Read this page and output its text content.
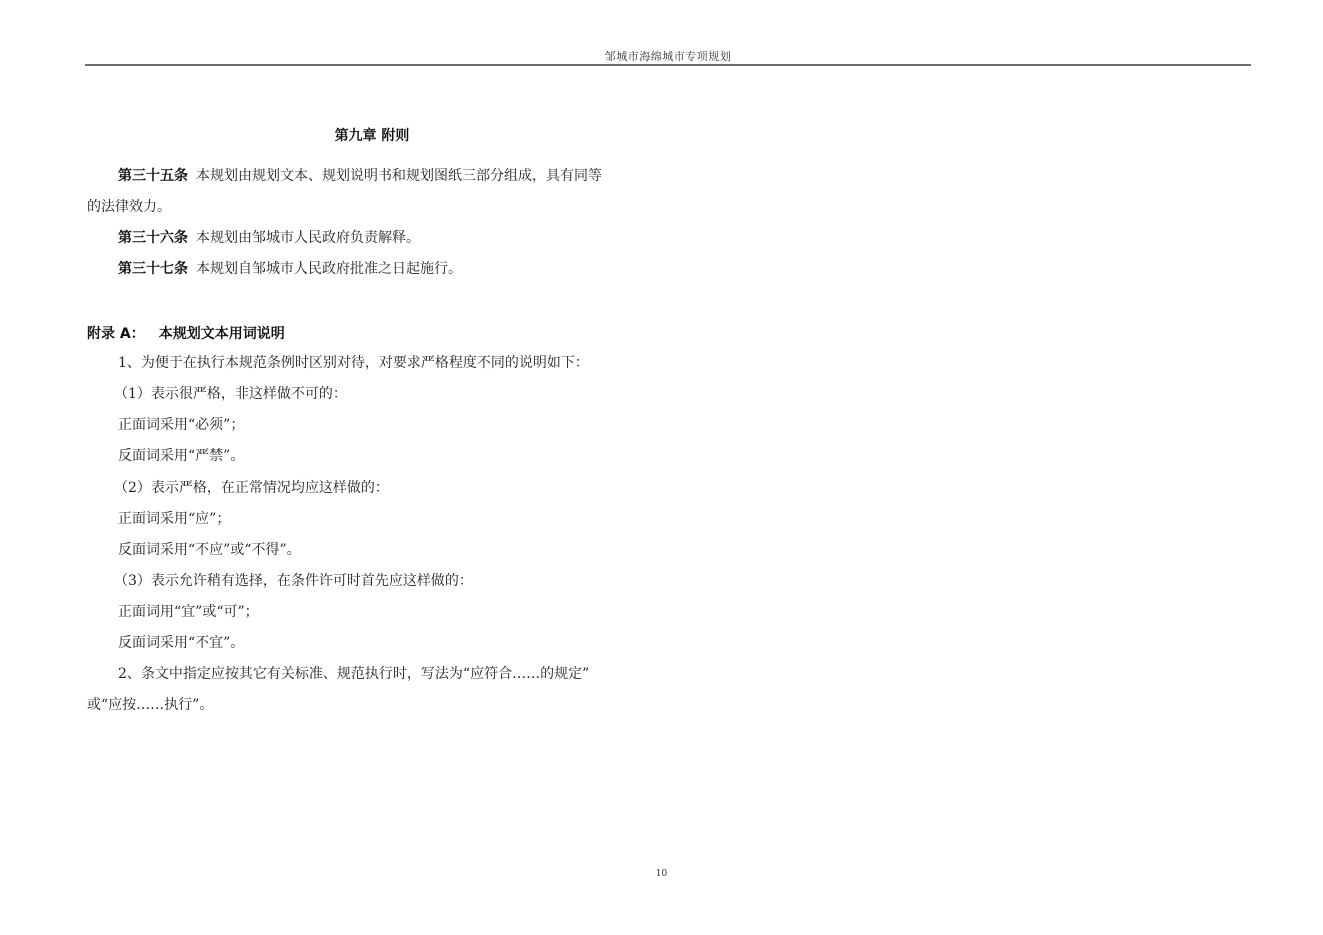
邹城市海绵城市专项规划
第九章 附则
第三十五条 本规划由规划文本、规划说明书和规划图纸三部分组成，具有同等
的法律效力。
第三十六条 本规划由邹城市人民政府负责解释。
第三十七条 本规划自邹城市人民政府批准之日起施行。
附录 A： 本规划文本用词说明
1、为便于在执行本规范条例时区别对待，对要求严格程度不同的说明如下：
（1）表示很严格，非这样做不可的：
正面词采用“必须”；
反面词采用“严禁”。
（2）表示严格，在正常情况均应这样做的：
正面词采用“应”；
反面词采用“不应”或“不得”。
（3）表示允许稍有选择，在条件许可时首先应这样做的：
正面词用“宜”或“可”；
反面词采用“不宜”。
2、条文中指定应按其它有关标准、规范执行时，写法为“应符合……的规定”
或“应按……执行”。
10
